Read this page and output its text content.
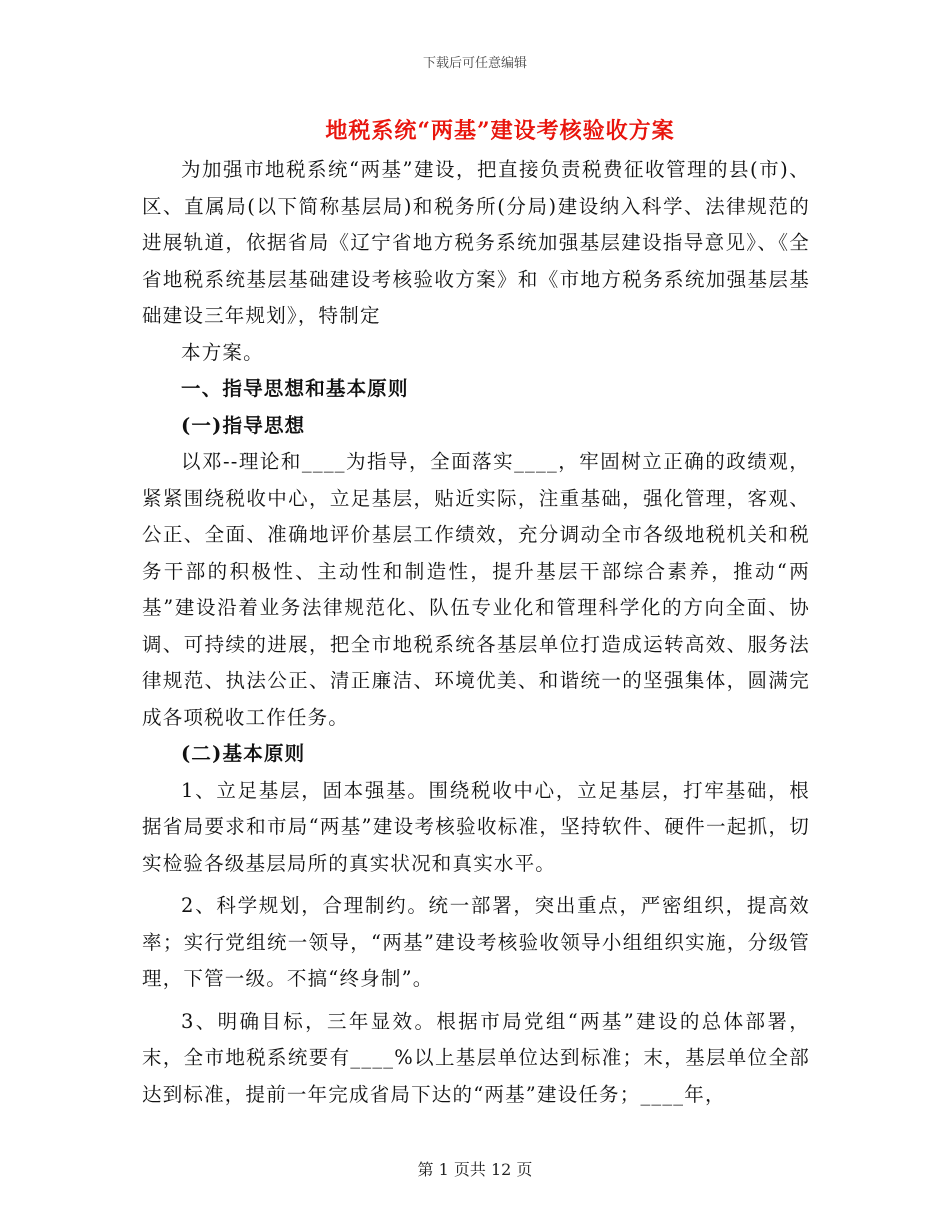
下载后可任意编辑
地税系统“两基”建设考核验收方案

为加强市地税系统“两基”建设，把直接负责税费征收管理的县(市)、区、直属局(以下简称基层局)和税务所(分局)建设纳入科学、法律规范的进展轨道，依据省局《辽宁省地方税务系统加强基层建设指导意见》、《全省地税系统基层基础建设考核验收方案》和《市地方税务系统加强基层基础建设三年规划》，特制定

本方案。

一、指导思想和基本原则

(一)指导思想

以邓--理论和____为指导，全面落实____，牢固树立正确的政绩观，紧紧围绕税收中心，立足基层，贴近实际，注重基础，强化管理，客观、公正、全面、准确地评价基层工作绩效，充分调动全市各级地税机关和税务干部的积极性、主动性和制造性，提升基层干部综合素养，推动“两基”建设沿着业务法律规范化、队伍专业化和管理科学化的方向全面、协调、可持续的进展，把全市地税系统各基层单位打造成运转高效、服务法律规范、执法公正、清正廉洁、环境优美、和谐统一的坚强集体，圆满完成各项税收工作任务。

(二)基本原则

1、立足基层，固本强基。围绕税收中心，立足基层，打牢基础，根据省局要求和市局“两基”建设考核验收标准，坚持软件、硬件一起抓，切实检验各级基层局所的真实状况和真实水平。

2、科学规划，合理制约。统一部署，突出重点，严密组织，提高效率；实行党组统一领导，“两基”建设考核验收领导小组组织实施，分级管理，下管一级。不搞“终身制”。

3、明确目标，三年显效。根据市局党组“两基”建设的总体部署，末，全市地税系统要有____%以上基层单位达到标准；末，基层单位全部达到标准，提前一年完成省局下达的“两基”建设任务；____年，

第 1 页共 12 页
